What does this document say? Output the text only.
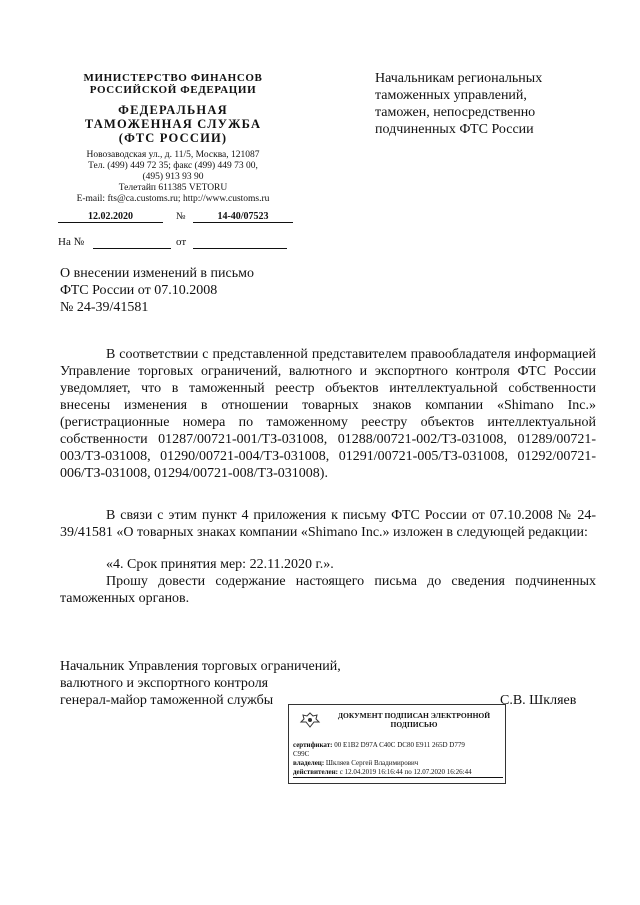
МИНИСТЕРСТВО ФИНАНСОВ
РОССИЙСКОЙ ФЕДЕРАЦИИ
ФЕДЕРАЛЬНАЯ
ТАМОЖЕННАЯ СЛУЖБА
(ФТС РОССИИ)
Новозаводская ул., д. 11/5, Москва, 121087
Тел. (499) 449 72 35; факс (499) 449 73 00,
(495) 913 93 90
Телетайп 611385 VETORU
E-mail: fts@ca.customs.ru; http://www.customs.ru
12.02.2020	№	14-40/07523
На №	от
Начальникам региональных
таможенных управлений,
таможен, непосредственно
подчиненных ФТС России
О внесении изменений в письмо
ФТС России от 07.10.2008
№ 24-39/41581
В соответствии с представленной представителем правообладателя информацией Управление торговых ограничений, валютного и экспортного контроля ФТС России уведомляет, что в таможенный реестр объектов интеллектуальной собственности внесены изменения в отношении товарных знаков компании «Shimano Inc.» (регистрационные номера по таможенному реестру объектов интеллектуальной собственности 01287/00721-001/ТЗ-031008, 01288/00721-002/ТЗ-031008, 01289/00721-003/ТЗ-031008, 01290/00721-004/ТЗ-031008, 01291/00721-005/ТЗ-031008, 01292/00721-006/ТЗ-031008, 01294/00721-008/ТЗ-031008).
В связи с этим пункт 4 приложения к письму ФТС России от 07.10.2008 № 24-39/41581 «О товарных знаках компании «Shimano Inc.» изложен в следующей редакции:
«4. Срок принятия мер: 22.11.2020 г.».
Прошу довести содержание настоящего письма до сведения подчиненных таможенных органов.
Начальник Управления торговых ограничений,
валютного и экспортного контроля
генерал-майор таможенной службы	С.В. Шкляев
ДОКУМЕНТ ПОДПИСАН ЭЛЕКТРОННОЙ
ПОДПИСЬЮ
сертификат: 00 E1B2 D97A C40C DC80 E911 265D D779
C99C
владелец: Шкляев Сергей Владимирович
действителен: с 12.04.2019 16:16:44 по 12.07.2020 16:26:44
